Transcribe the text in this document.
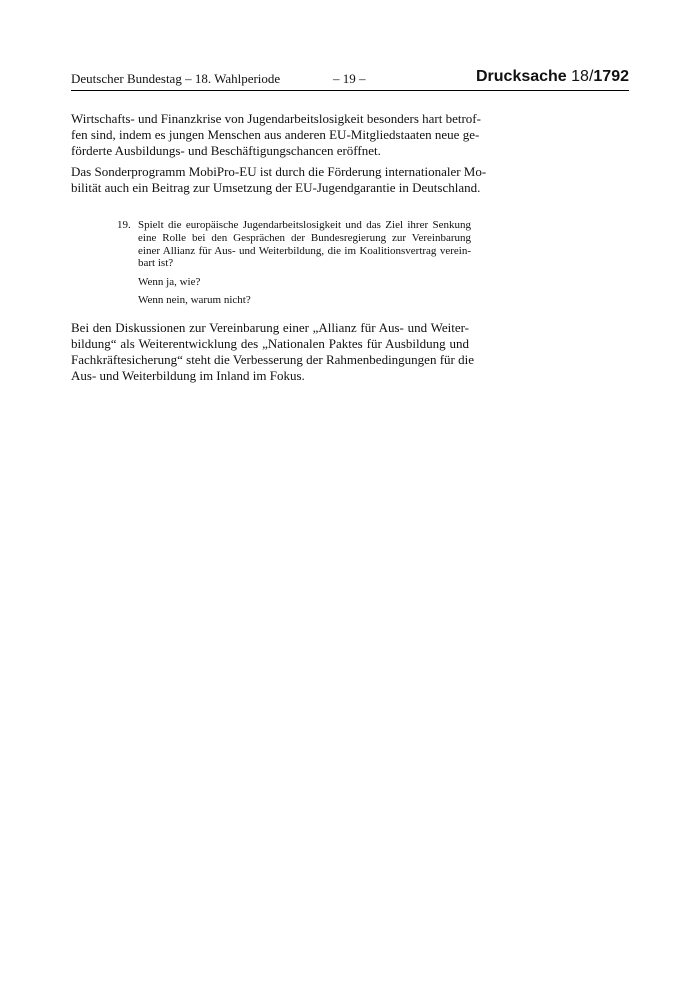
Deutscher Bundestag – 18. Wahlperiode	– 19 –	Drucksache 18/1792

Wirtschafts- und Finanzkrise von Jugendarbeitslosigkeit besonders hart betrof-
fen sind, indem es jungen Menschen aus anderen EU-Mitgliedstaaten neue ge-
förderte Ausbildungs- und Beschäftigungschancen eröffnet.

Das Sonderprogramm MobiPro-EU ist durch die Förderung internationaler Mo-
bilität auch ein Beitrag zur Umsetzung der EU-Jugendgarantie in Deutschland.

19. Spielt die europäische Jugendarbeitslosigkeit und das Ziel ihrer Senkung
eine Rolle bei den Gesprächen der Bundesregierung zur Vereinbarung
einer Allianz für Aus- und Weiterbildung, die im Koalitionsvertrag verein-
bart ist?

Wenn ja, wie?

Wenn nein, warum nicht?

Bei den Diskussionen zur Vereinbarung einer „Allianz für Aus- und Weiter-
bildung“ als Weiterentwicklung des „Nationalen Paktes für Ausbildung und
Fachkräftesicherung“ steht die Verbesserung der Rahmenbedingungen für die
Aus- und Weiterbildung im Inland im Fokus.
